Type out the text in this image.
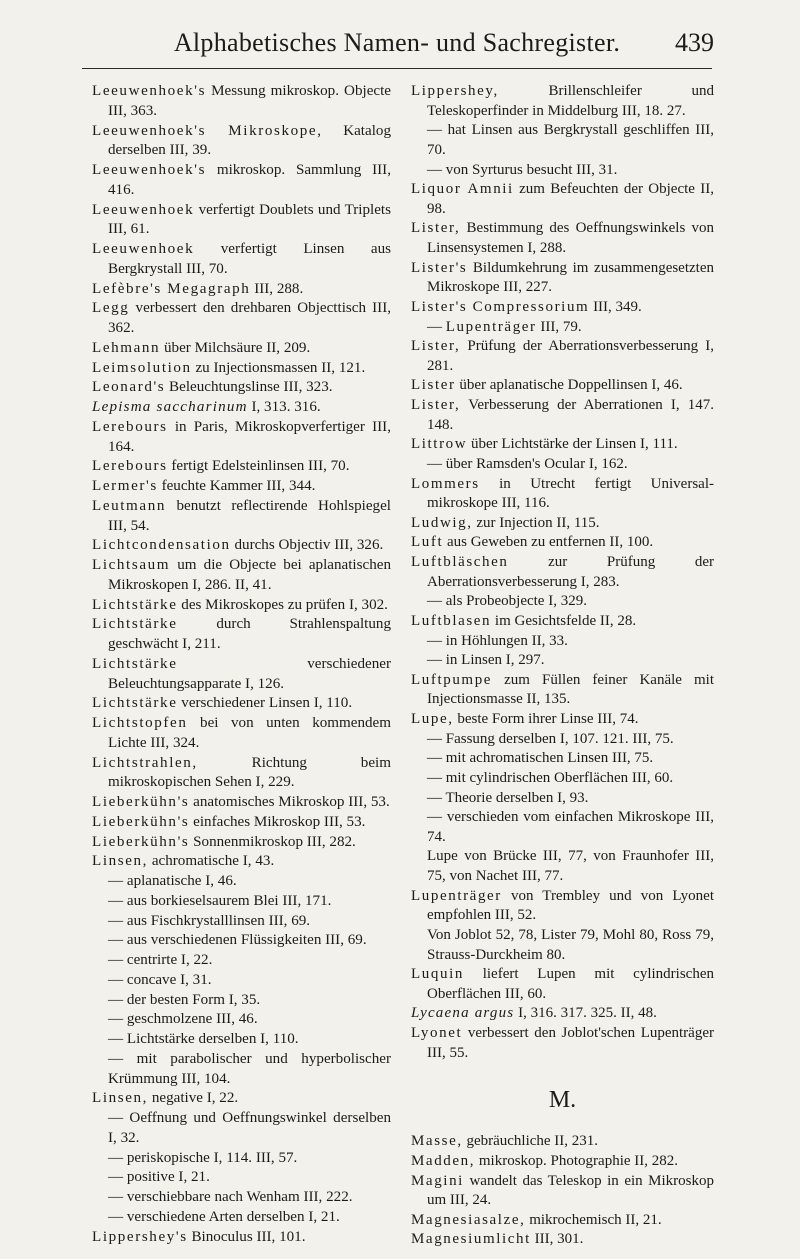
Alphabetisches Namen- und Sachregister.	439

Leeuwenhoek's Messung mikroskop. Objecte III, 363.

Leeuwenhoek's Mikroskope, Katalog derselben III, 39.

Leeuwenhoek's mikroskop. Sammlung III, 416.

Leeuwenhoek verfertigt Doublets und Triplets III, 61.

Leeuwenhoek verfertigt Linsen aus Bergkrystall III, 70.

Lefèbre's Megagraph III, 288.

Legg verbessert den drehbaren Objecttisch III, 362.

Lehmann über Milchsäure II, 209.

Leimsolution zu Injectionsmassen II, 121.

Leonard's Beleuchtungslinse III, 323.

Lepisma saccharinum I, 313. 316.

Lerebours in Paris, Mikroskopverfertiger III, 164.

Lerebours fertigt Edelsteinlinsen III, 70.

Lermer's feuchte Kammer III, 344.

Leutmann benutzt reflectirende Hohlspiegel III, 54.

Lichtcondensation durchs Objectiv III, 326.

Lichtsaum um die Objecte bei aplanatischen Mikroskopen I, 286. II, 41.

Lichtstärke des Mikroskopes zu prüfen I, 302.

Lichtstärke durch Strahlenspaltung geschwächt I, 211.

Lichtstärke verschiedener Beleuchtungsapparate I, 126.

Lichtstärke verschiedener Linsen I, 110.

Lichtstopfen bei von unten kommendem Lichte III, 324.

Lichtstrahlen, Richtung beim mikroskopischen Sehen I, 229.

Lieberkühn's anatomisches Mikroskop III, 53.

Lieberkühn's einfaches Mikroskop III, 53.

Lieberkühn's Sonnenmikroskop III, 282.

Linsen, achromatische I, 43.

— aplanatische I, 46.

— aus borkieselsaurem Blei III, 171.

— aus Fischkrystalllinsen III, 69.

— aus verschiedenen Flüssigkeiten III, 69.

— centrirte I, 22.

— concave I, 31.

— der besten Form I, 35.

— geschmolzene III, 46.

— Lichtstärke derselben I, 110.

— mit parabolischer und hyperbolischer Krümmung III, 104.

Linsen, negative I, 22.

— Oeffnung und Oeffnungswinkel derselben I, 32.

— periskopische I, 114. III, 57.

— positive I, 21.

— verschiebbare nach Wenham III, 222.

— verschiedene Arten derselben I, 21.

Lippershey's Binoculus III, 101.

Lippershey, Brillenschleifer und Teleskoperfinder in Middelburg III, 18. 27.

— hat Linsen aus Bergkrystall geschliffen III, 70.

— von Syrturus besucht III, 31.

Liquor Amnii zum Befeuchten der Objecte II, 98.

Lister, Bestimmung des Oeffnungswinkels von Linsensystemen I, 288.

Lister's Bildumkehrung im zusammengesetzten Mikroskope III, 227.

Lister's Compressorium III, 349.

— Lupenträger III, 79.

Lister, Prüfung der Aberrationsverbesserung I, 281.

Lister über aplanatische Doppellinsen I, 46.

Lister, Verbesserung der Aberrationen I, 147. 148.

Littrow über Lichtstärke der Linsen I, 111.

— über Ramsden's Ocular I, 162.

Lommers in Utrecht fertigt Universal-mikroskope III, 116.

Ludwig, zur Injection II, 115.

Luft aus Geweben zu entfernen II, 100.

Luftbläschen zur Prüfung der Aberrationsverbesserung I, 283.

— als Probeobjecte I, 329.

Luftblasen im Gesichtsfelde II, 28.

— in Höhlungen II, 33.

— in Linsen I, 297.

Luftpumpe zum Füllen feiner Kanäle mit Injectionsmasse II, 135.

Lupe, beste Form ihrer Linse III, 74.

— Fassung derselben I, 107. 121. III, 75.

— mit achromatischen Linsen III, 75.

— mit cylindrischen Oberflächen III, 60.

— Theorie derselben I, 93.

— verschieden vom einfachen Mikroskope III, 74.

Lupe von Brücke III, 77, von Fraunhofer III, 75, von Nachet III, 77.

Lupenträger von Trembley und von Lyonet empfohlen III, 52.

Von Joblot 52, 78, Lister 79, Mohl 80, Ross 79, Strauss-Durckheim 80.

Luquin liefert Lupen mit cylindrischen Oberflächen III, 60.

Lycaena argus I, 316. 317. 325. II, 48.

Lyonet verbessert den Joblot'schen Lupenträger III, 55.

M.

Masse, gebräuchliche II, 231.

Madden, mikroskop. Photographie II, 282.

Magini wandelt das Teleskop in ein Mikroskop um III, 24.

Magnesiasalze, mikrochemisch II, 21.

Magnesiumlicht III, 301.
